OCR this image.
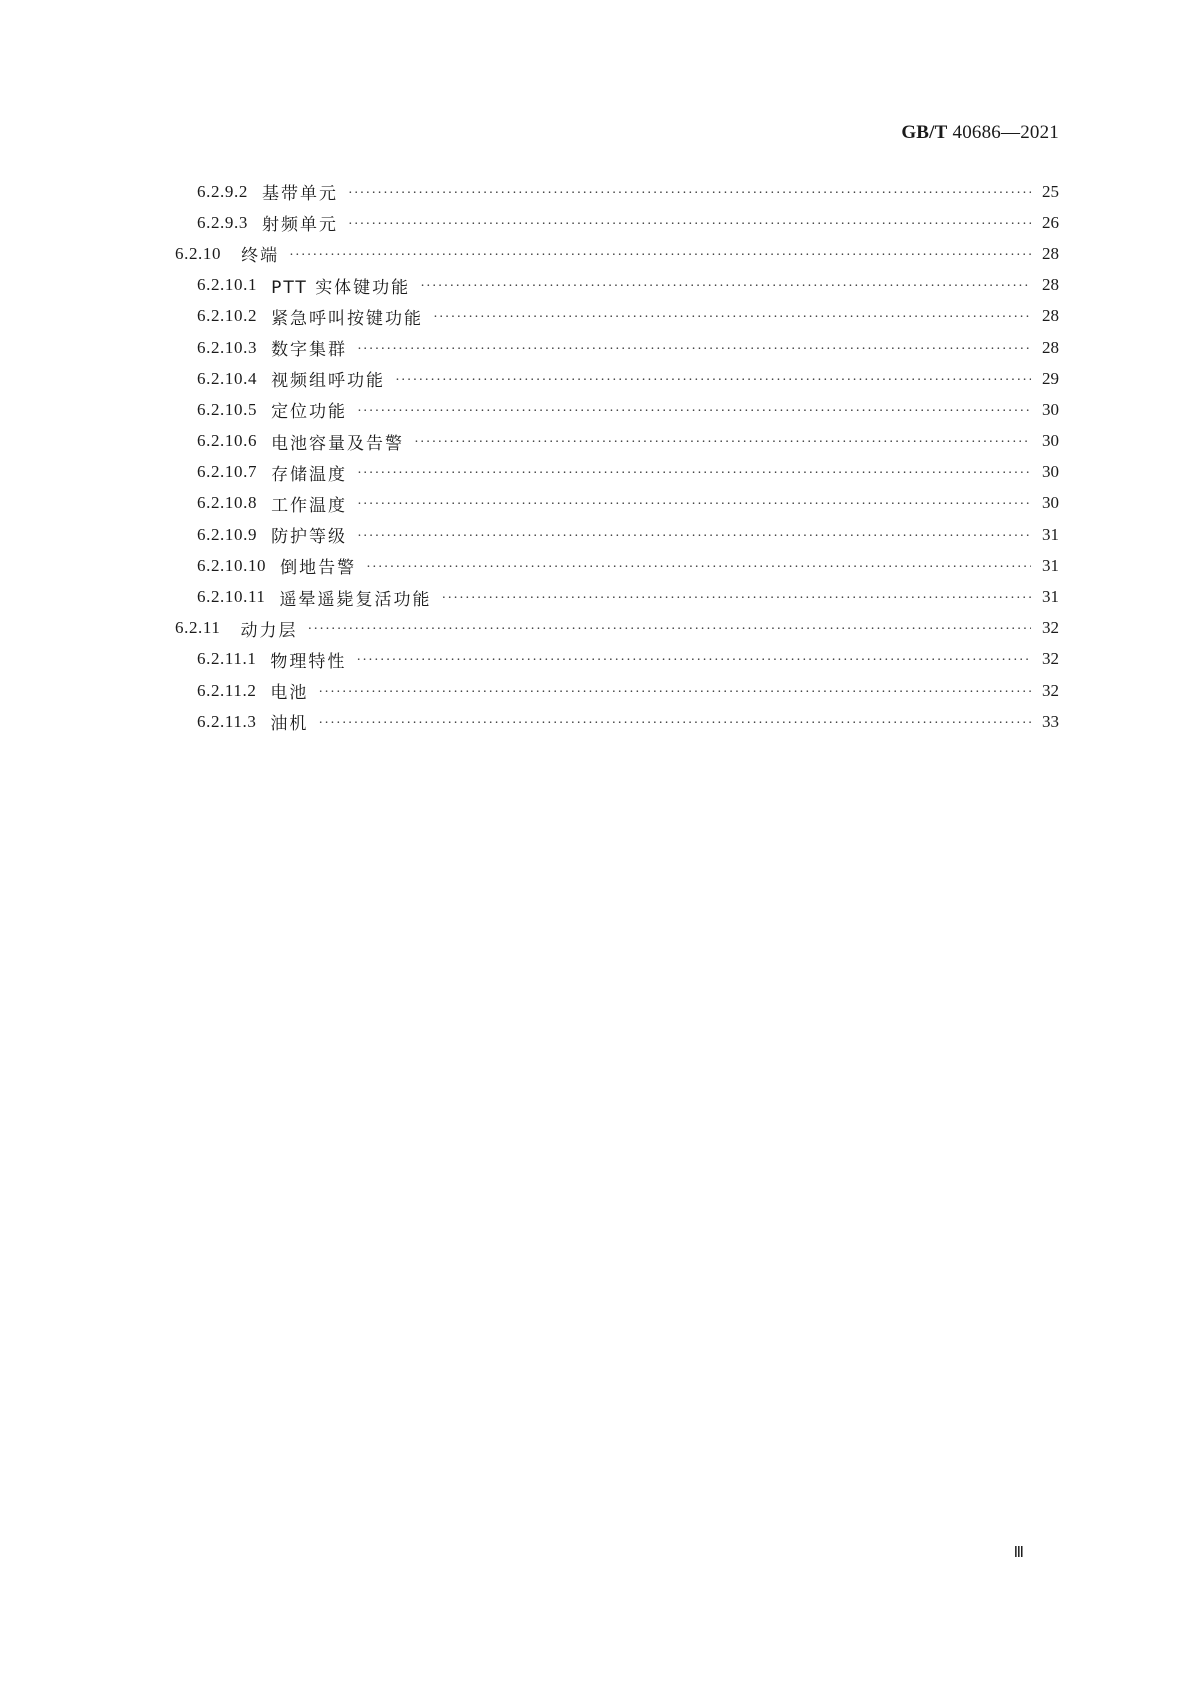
GB/T 40686—2021
6.2.9.2 基带单元 ·····	25
6.2.9.3 射频单元 ·····	26
6.2.10 终端 ·····	28
6.2.10.1 PTT 实体键功能 ·····	28
6.2.10.2 紧急呼叫按键功能 ·····	28
6.2.10.3 数字集群 ·····	28
6.2.10.4 视频组呼功能 ·····	29
6.2.10.5 定位功能 ·····	30
6.2.10.6 电池容量及告警 ·····	30
6.2.10.7 存储温度 ·····	30
6.2.10.8 工作温度 ·····	30
6.2.10.9 防护等级 ·····	31
6.2.10.10 倒地告警 ·····	31
6.2.10.11 遥晕遥毙复活功能 ·····	31
6.2.11 动力层 ·····	32
6.2.11.1 物理特性 ·····	32
6.2.11.2 电池 ·····	32
6.2.11.3 油机 ·····	33
Ⅲ
